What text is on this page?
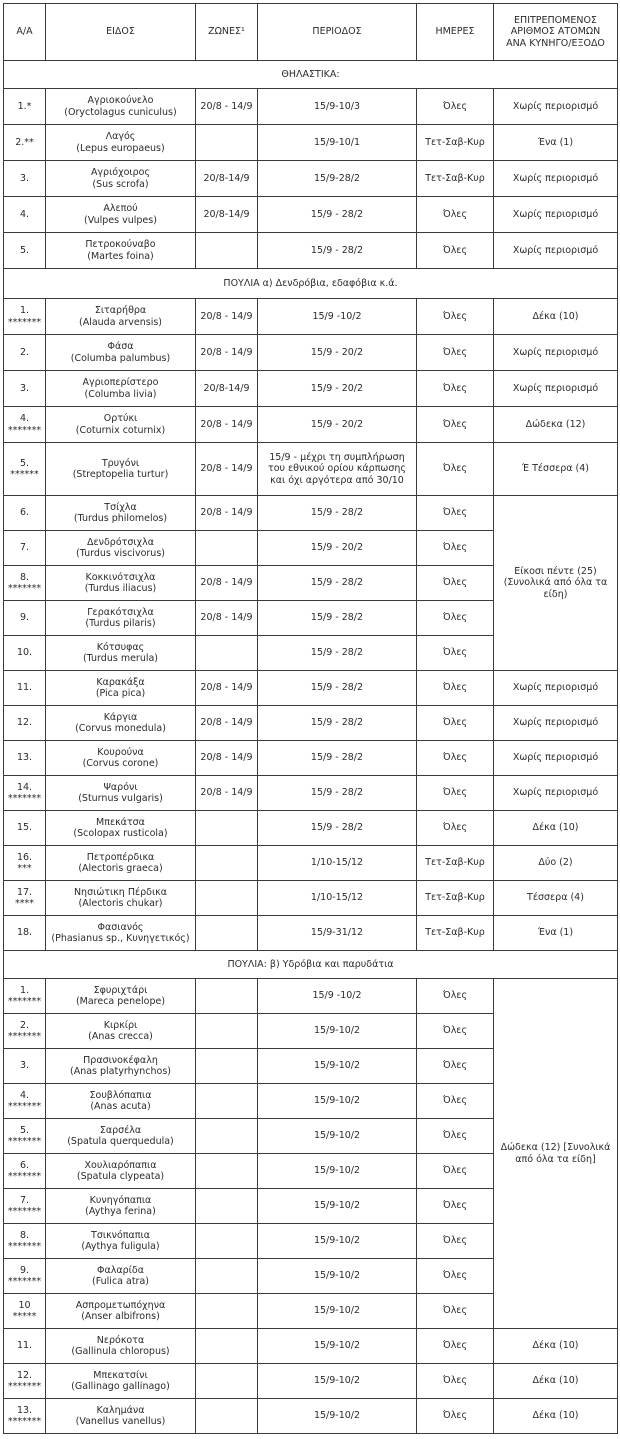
Α/Α	ΕΙΔΟΣ	ΖΩΝΕΣ¹	ΠΕΡΙΟΔΟΣ	ΗΜΕΡΕΣ	ΕΠΙΤΡΕΠΟΜΕΝΟΣ
ΑΡΙΘΜΟΣ ΑΤΟΜΩΝ
ΑΝΑ ΚΥΝΗΓΟ/ΕΞΟΔΟ

ΘΗΛΑΣΤΙΚΑ:					

1.*	Αγριοκούνελο
(Oryctolagus cuniculus)	20/8 - 14/9	15/9-10/3	Όλες	Χωρίς περιορισμό

2.**	Λαγός
(Lepus europaeus)		15/9-10/1	Τετ-Σαβ-Κυρ	Ένα (1)

3.	Αγριόχοιρος
(Sus scrofa)	20/8-14/9	15/9-28/2	Τετ-Σαβ-Κυρ	Χωρίς περιορισμό

4.	Αλεπού
(Vulpes vulpes)	20/8-14/9	15/9 - 28/2	Όλες	Χωρίς περιορισμό

5.	Πετροκούναβο
(Martes foina)		15/9 - 28/2	Όλες	Χωρίς περιορισμό
ΠΟΥΛΙΑ α) Δενδρόβια, εδαφόβια κ.ά.					

1.
*******	Σιταρήθρα
(Alauda arvensis)	20/8 - 14/9	15/9 -10/2	Όλες	Δέκα (10)

2.	Φάσα
(Columba palumbus)	20/8 - 14/9	15/9 - 20/2	Όλες	Χωρίς περιορισμό

3.	Αγριοπερίστερο
(Columba livia)	20/8-14/9	15/9 - 20/2	Όλες	Χωρίς περιορισμό

4.
*******	Ορτύκι
(Coturnix coturnix)	20/8 - 14/9	15/9 - 20/2	Όλες	Δώδεκα (12)

5.
******	Τρυγόνι
(Streptopelia turtur)	20/8 - 14/9	15/9 - μέχρι τη συμπλήρωση του εθνικού ορίου κάρπωσης και όχι αργότερα από 30/10	Όλες	Έ Τέσσερα (4)

6.	Τσίχλα
(Turdus philomelos)	20/8 - 14/9	15/9 - 28/2	Όλες	Είκοσι πέντε (25) (Συνολικά από όλα τα είδη)

7.	Δενδρότσιχλα
(Turdus viscivorus)		15/9 - 20/2	Όλες	

8.
*******	Κοκκινότσιχλα
(Turdus iliacus)	20/8 - 14/9	15/9 - 28/2	Όλες	

9.	Γερακότσιχλα
(Turdus pilaris)	20/8 - 14/9	15/9 - 28/2	Όλες	

10.	Κότσυφας
(Turdus merula)		15/9 - 28/2	Όλες	

11.	Καρακάξα
(Pica pica)	20/8 - 14/9	15/9 - 28/2	Όλες	Χωρίς περιορισμό

12.	Κάργια
(Corvus monedula)	20/8 - 14/9	15/9 - 28/2	Όλες	Χωρίς περιορισμό

13.	Κουρούνα
(Corvus corone)	20/8 - 14/9	15/9 - 28/2	Όλες	Χωρίς περιορισμό

14.
*******	Ψαρόνι
(Sturnus vulgaris)	20/8 - 14/9	15/9 - 28/2	Όλες	Χωρίς περιορισμό

15.	Μπεκάτσα
(Scolopax rusticola)		15/9 - 28/2	Όλες	Δέκα (10)

16.
***	Πετροπέρδικα
(Alectoris graeca)		1/10-15/12	Τετ-Σαβ-Κυρ	Δύο (2)

17.
****	Νησιώτικη Πέρδικα
(Alectoris chukar)		1/10-15/12	Τετ-Σαβ-Κυρ	Τέσσερα (4)

18.	Φασιανός
(Phasianus sp., Κυνηγετικός)		15/9-31/12	Τετ-Σαβ-Κυρ	Ένα (1)
ΠΟΥΛΙΑ: β) Υδρόβια και παρυδάτια					

1.
*******	Σφυριχτάρι
(Mareca penelope)		15/9 -10/2	Όλες	Δώδεκα (12) [Συνολικά από όλα τα είδη]

2.
*******	Κιρκίρι
(Anas crecca)		15/9-10/2	Όλες	

3.	Πρασινοκέφαλη
(Anas platyrhynchos)		15/9-10/2	Όλες	

4.
*******	Σουβλόπαπια
(Anas acuta)		15/9-10/2	Όλες	

5.
*******	Σαρσέλα
(Spatula querquedula)		15/9-10/2	Όλες	

6.
*******	Χουλιαρόπαπια
(Spatula clypeata)		15/9-10/2	Όλες	

7.
*******	Κυνηγόπαπια
(Aythya ferina)		15/9-10/2	Όλες	

8.
*******	Τσικνόπαπια
(Aythya fuligula)		15/9-10/2	Όλες	

9.
*******	Φαλαρίδα
(Fulica atra)		15/9-10/2	Όλες	

10
*****	Ασπρομετωπόχηνα
(Anser albifrons)		15/9-10/2	Όλες	

11.	Νερόκοτα
(Gallinula chloropus)		15/9-10/2	Όλες	Δέκα (10)

12.
*******	Μπεκατσίνι
(Gallinago gallinago)		15/9-10/2	Όλες	Δέκα (10)

13.
*******	Καλημάνα
(Vanellus vanellus)		15/9-10/2	Όλες	Δέκα (10)
